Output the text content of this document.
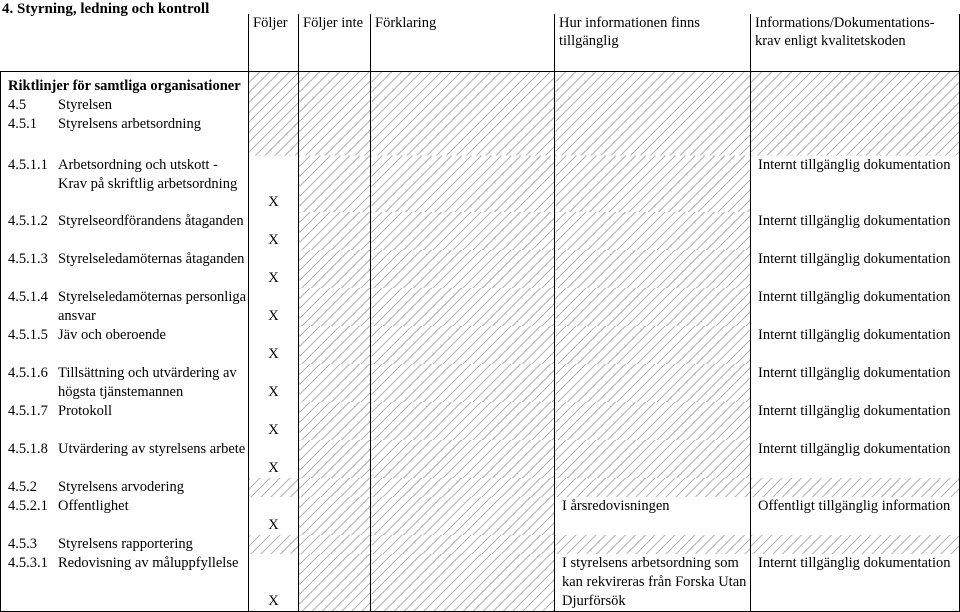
4. Styrning, ledning och kontroll
	Följer	Följer inte	Förklaring	Hur informationen finns tillgänglig	Informations/Dokumentations-krav enligt kvalitetskoden

Riktlinjer för samtliga organisationer
4.5 Styrelsen
4.5.1 Styrelsens arbetsordning					

4.5.1.1 Arbetsordning och utskott - Krav på skriftlig arbetsordning	X				Internt tillgänglig dokumentation

4.5.1.2 Styrelseordförandens åtaganden	X				Internt tillgänglig dokumentation

4.5.1.3 Styrelseledamöternas åtaganden	X				Internt tillgänglig dokumentation

4.5.1.4 Styrelseledamöternas personliga ansvar	X				Internt tillgänglig dokumentation

4.5.1.5 Jäv och oberoende	X				Internt tillgänglig dokumentation

4.5.1.6 Tillsättning och utvärdering av högsta tjänstemannen	X				Internt tillgänglig dokumentation

4.5.1.7 Protokoll	X				Internt tillgänglig dokumentation

4.5.1.8 Utvärdering av styrelsens arbete	X				Internt tillgänglig dokumentation

4.5.2 Styrelsens arvodering					

4.5.2.1 Offentlighet	X			I årsredovisningen	Offentligt tillgänglig information

4.5.3 Styrelsens rapportering					

4.5.3.1 Redovisning av måluppfyllelse	X			I styrelsens arbetsordning som kan rekvireras från Forska Utan Djurförsök	Internt tillgänglig dokumentation
